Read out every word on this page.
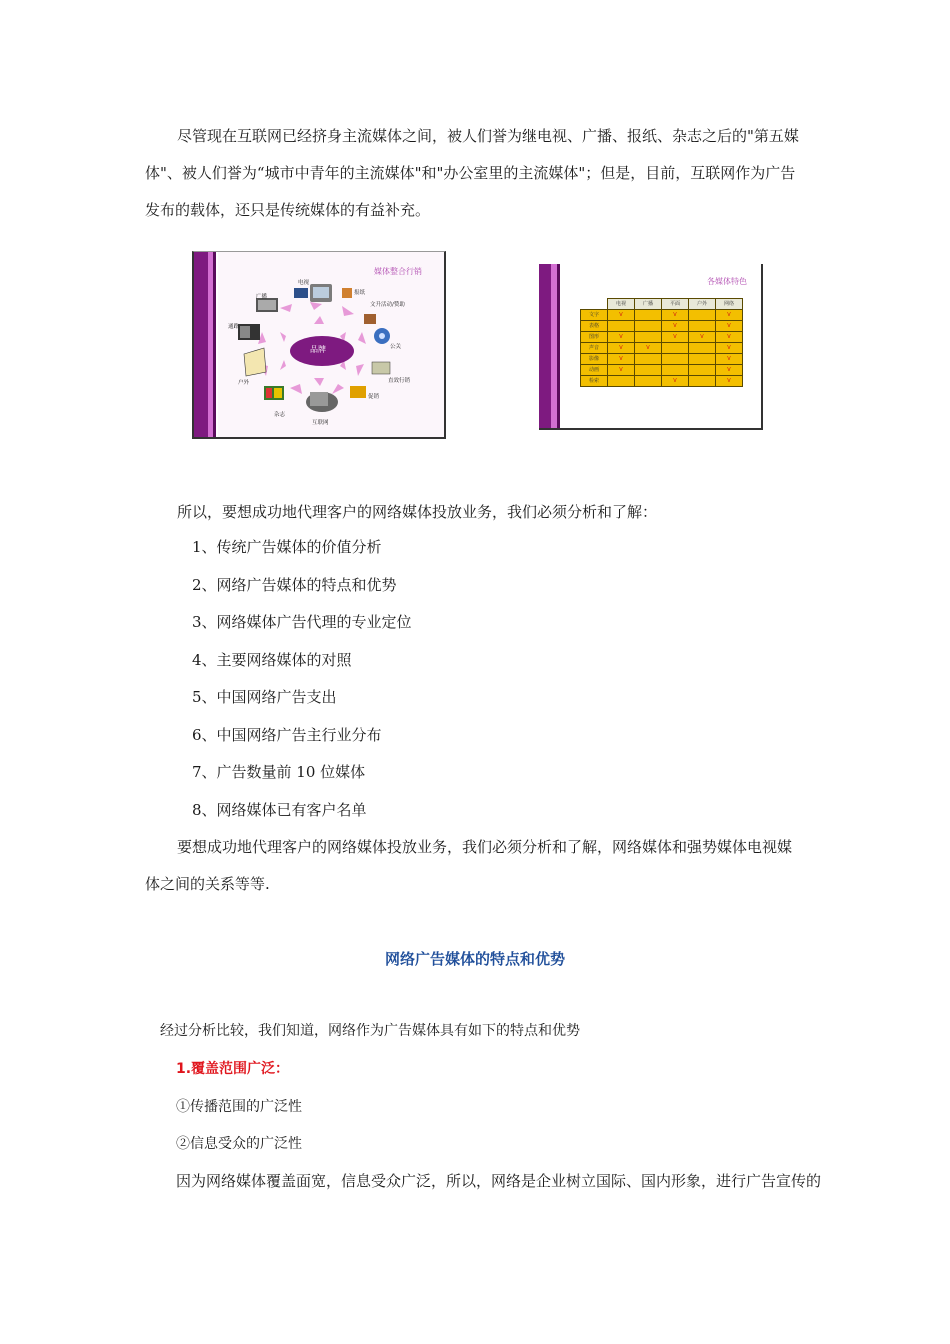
尽管现在互联网已经挤身主流媒体之间，被人们誉为继电视、广播、报纸、杂志之后的"第五媒体"、被人们誉为“城市中青年的主流媒体"和"办公室里的主流媒体"；但是，目前，互联网作为广告发布的载体，还只是传统媒体的有益补充。

媒体整合行销
品牌
电视
广播
报纸
杂志
互联网
户外	直效行销
促销
公关
文升活动/赞助
通路
各媒体特色
	电视	广播	平面	户外	网络
文字	V		V		V
表格			V		V
图形	V		V	V	V
声音	V	V			V
影像	V				V
动画	V				V
检索			V		V

所以，要想成功地代理客户的网络媒体投放业务，我们必须分析和了解：

1、传统广告媒体的价值分析
2、网络广告媒体的特点和优势
3、网络媒体广告代理的专业定位
4、主要网络媒体的对照
5、中国网络广告支出
6、中国网络广告主行业分布
7、广告数量前 10 位媒体
8、网络媒体已有客户名单

要想成功地代理客户的网络媒体投放业务，我们必须分析和了解，网络媒体和强势媒体电视媒体之间的关系等等.

网络广告媒体的特点和优势

经过分析比较，我们知道，网络作为广告媒体具有如下的特点和优势

1.覆盖范围广泛：

①传播范围的广泛性

②信息受众的广泛性

因为网络媒体覆盖面宽，信息受众广泛，所以，网络是企业树立国际、国内形象，进行广告宣传的
